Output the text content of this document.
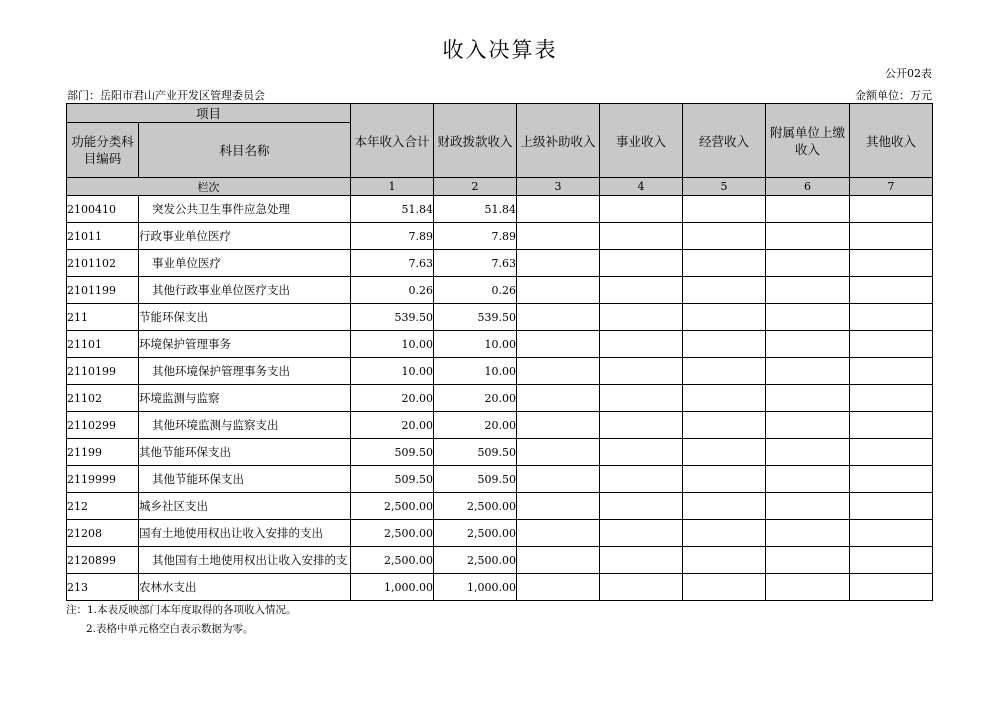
收入决算表
公开02表
部门：岳阳市君山产业开发区管理委员会	金额单位：万元
项目		本年收入合计	财政拨款收入	上级补助收入	事业收入	经营收入	附属单位上缴收入	其他收入
功能分类科目编码	科目名称							
栏次		1	2	3	4	5	6	7
2100410	突发公共卫生事件应急处理	51.84	51.84					
21011	行政事业单位医疗	7.89	7.89					
2101102	事业单位医疗	7.63	7.63					
2101199	其他行政事业单位医疗支出	0.26	0.26					
211	节能环保支出	539.50	539.50					
21101	环境保护管理事务	10.00	10.00					
2110199	其他环境保护管理事务支出	10.00	10.00					
21102	环境监测与监察	20.00	20.00					
2110299	其他环境监测与监察支出	20.00	20.00					
21199	其他节能环保支出	509.50	509.50					
2119999	其他节能环保支出	509.50	509.50					
212	城乡社区支出	2,500.00	2,500.00					
21208	国有土地使用权出让收入安排的支出	2,500.00	2,500.00					
2120899	其他国有土地使用权出让收入安排的支	2,500.00	2,500.00					
213	农林水支出	1,000.00	1,000.00					
注：1.本表反映部门本年度取得的各项收入情况。
2.表格中单元格空白表示数据为零。
